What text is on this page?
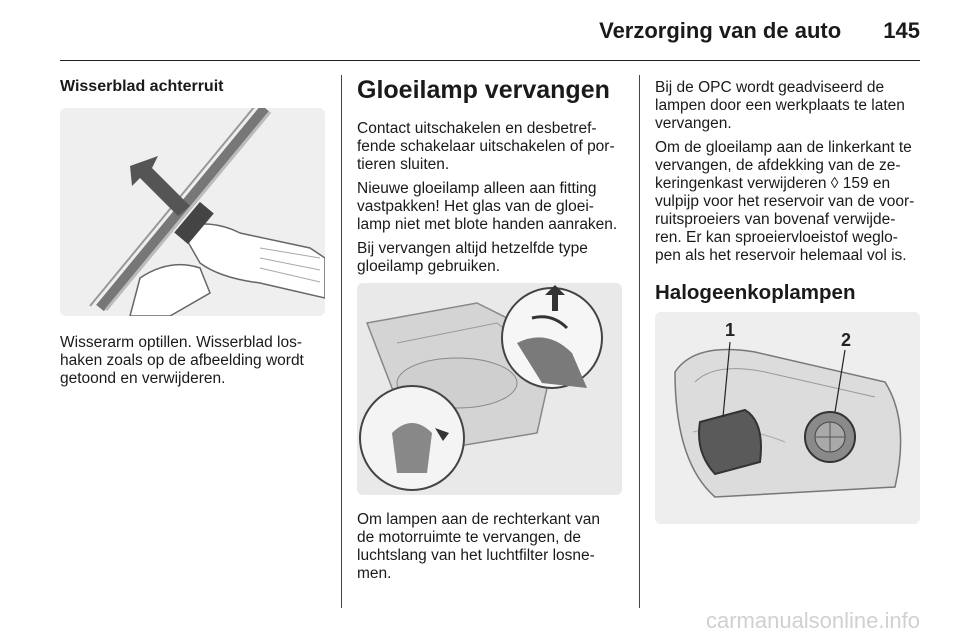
Verzorging van de auto 145
Wisserblad achterruit

Wisserarm optillen. Wisserblad los-
haken zoals op de afbeelding wordt
getoond en verwijderen.

Gloeilamp vervangen

Contact uitschakelen en desbetref-
fende schakelaar uitschakelen of por-
tieren sluiten.

Nieuwe gloeilamp alleen aan fitting
vastpakken! Het glas van de gloei-
lamp niet met blote handen aanraken.

Bij vervangen altijd hetzelfde type
gloeilamp gebruiken.

Om lampen aan de rechterkant van
de motorruimte te vervangen, de
luchtslang van het luchtfilter losne-
men.

Bij de OPC wordt geadviseerd de
lampen door een werkplaats te laten
vervangen.

Om de gloeilamp aan de linkerkant te
vervangen, de afdekking van de ze-
keringenkast verwijderen ◊ 159 en
vulpijp voor het reservoir van de voor-
ruitsproeiers van bovenaf verwijde-
ren. Er kan sproeiervloeistof weglo-
pen als het reservoir helemaal vol is.

Halogeenkoplampen
1	2
carmanualsonline.info
